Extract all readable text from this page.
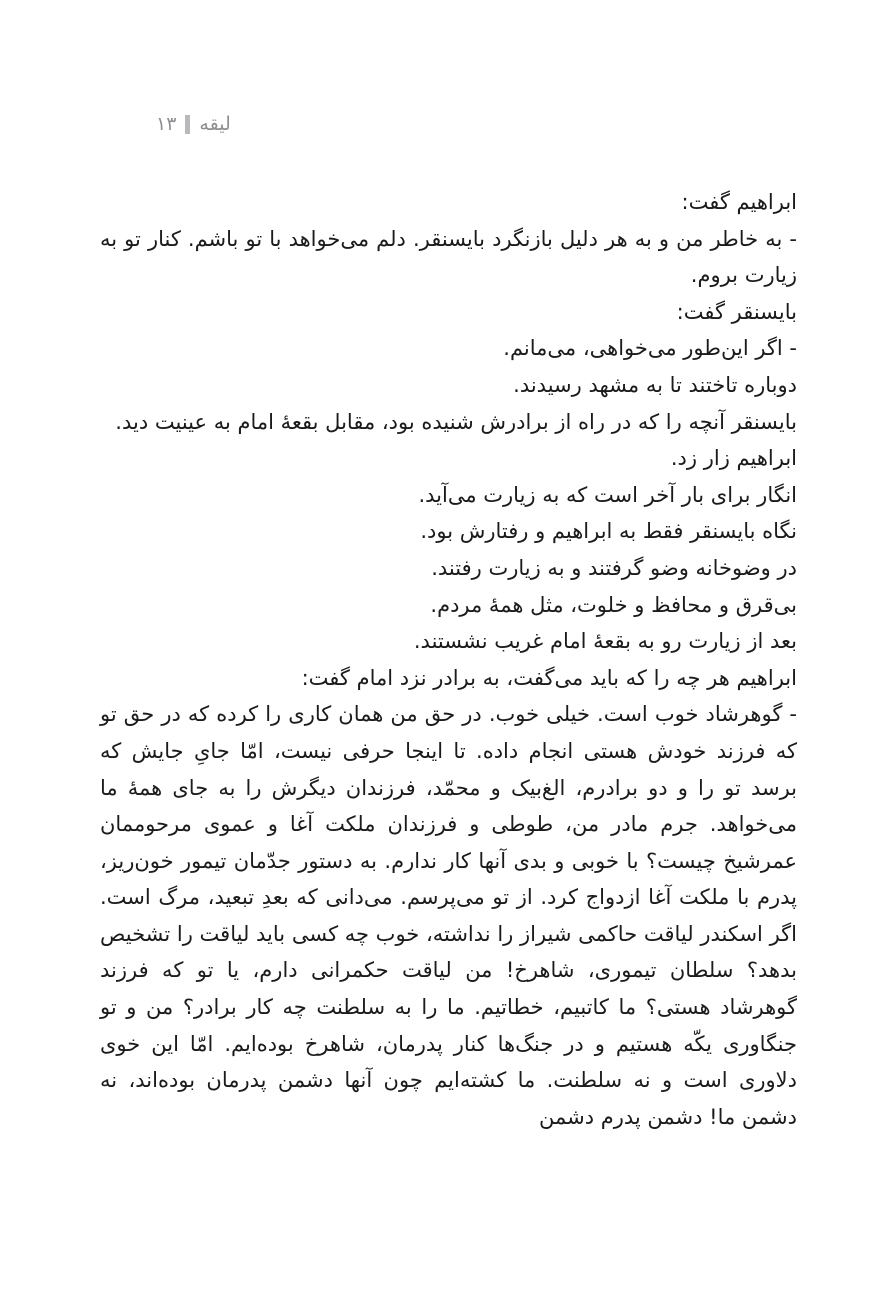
لیقه
۱۳

ابراهیم گفت:

- به خاطر من و به هر دلیل بازنگرد بایسنقر. دلم می‌خواهد با تو باشم. کنار تو به زیارت بروم.

بایسنقر گفت:

- اگر این‌طور می‌خواهی، می‌مانم.

دوباره تاختند تا به مشهد رسیدند.

بایسنقر آنچه را که در راه از برادرش شنیده بود، مقابل بقعهٔ امام به عینیت دید.

ابراهیم زار زد.

انگار برای بار آخر است که به زیارت می‌آید.

نگاه بایسنقر فقط به ابراهیم و رفتارش بود.

در وضوخانه وضو گرفتند و به زیارت رفتند.

بی‌قرق و محافظ و خلوت، مثل همهٔ مردم.

بعد از زیارت رو به بقعهٔ امام غریب نشستند.

ابراهیم هر چه را که باید می‌گفت، به برادر نزد امام گفت:

- گوهرشاد خوب است. خیلی خوب. در حق من همان کاری را کرده که در حق تو که فرزند خودش هستی انجام داده. تا اینجا حرفی نیست، امّا جایِ جایش که برسد تو را و دو برادرم، الغ‌بیک و محمّد، فرزندان دیگرش را به جای همهٔ ما می‌خواهد. جرم مادر من، طوطی و فرزندان ملکت آغا و عموی مرحوممان عمرشیخ چیست؟ با خوبی و بدی آنها کار ندارم. به دستور جدّمان تیمور خون‌ریز، پدرم با ملکت آغا ازدواج کرد. از تو می‌پرسم. می‌دانی که بعدِ تبعید، مرگ است. اگر اسکندر لیاقت حاکمی شیراز را نداشته، خوب چه کسی باید لیاقت را تشخیص بدهد؟ سلطان تیموری، شاهرخ! من لیاقت حکمرانی دارم، یا تو که فرزند گوهرشاد هستی؟ ما کاتبیم، خطاتیم. ما را به سلطنت چه کار برادر؟ من و تو جنگاوری یکّه هستیم و در جنگ‌ها کنار پدرمان، شاهرخ بوده‌ایم. امّا این خوی دلاوری است و نه سلطنت. ما کشته‌ایم چون آنها دشمن پدرمان بوده‌اند، نه دشمن ما! دشمن پدرم دشمن
